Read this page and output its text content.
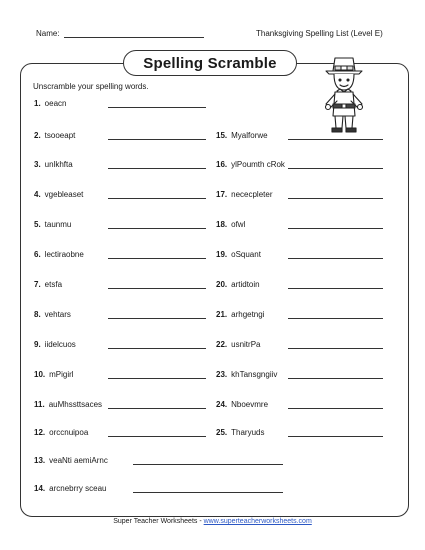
Name:	Thanksgiving Spelling List (Level E)
Spelling Scramble
Unscramble your spelling words.
1. oeacn
2. tsooeapt
3. unlkhfta
4. vgebleaset
5. taunmu
6. lectiraobne
7. etsfa
8. vehtars
9. iidelcuos
10. mPigirl
11. auMhssttsaces
12. orccnuipoa
13. veaNti aemiArnc
14. arcnebrry sceau
15. Myalforwe
16. ylPoumth cRok
17. nececpleter
18. ofwl
19. oSquant
20. artidtoin
21. arhgetngi
22. usnitrPa
23. khTansgngiiv
24. Nboevmre
25. Tharyuds
Super Teacher Worksheets - www.superteacherworksheets.com
